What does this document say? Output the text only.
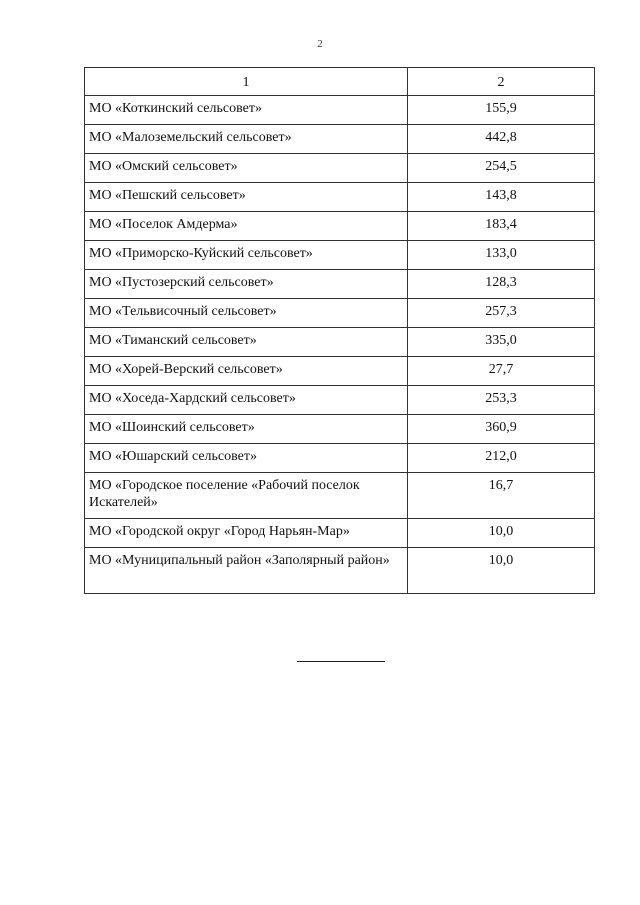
2
1	2
МО «Коткинский сельсовет»	155,9
МО «Малоземельский сельсовет»	442,8
МО «Омский сельсовет»	254,5
МО «Пешский сельсовет»	143,8
МО «Поселок Амдерма»	183,4
МО «Приморско-Куйский сельсовет»	133,0
МО «Пустозерский сельсовет»	128,3
МО «Тельвисочный сельсовет»	257,3
МО «Тиманский сельсовет»	335,0
МО «Хорей-Верский сельсовет»	27,7
МО «Хоседа-Хардский сельсовет»	253,3
МО «Шоинский сельсовет»	360,9
МО «Юшарский сельсовет»	212,0
МО «Городское поселение «Рабочий поселок Искателей»	16,7
МО «Городской округ «Город Нарьян-Мар»	10,0
МО «Муниципальный район «Заполярный район»	10,0
